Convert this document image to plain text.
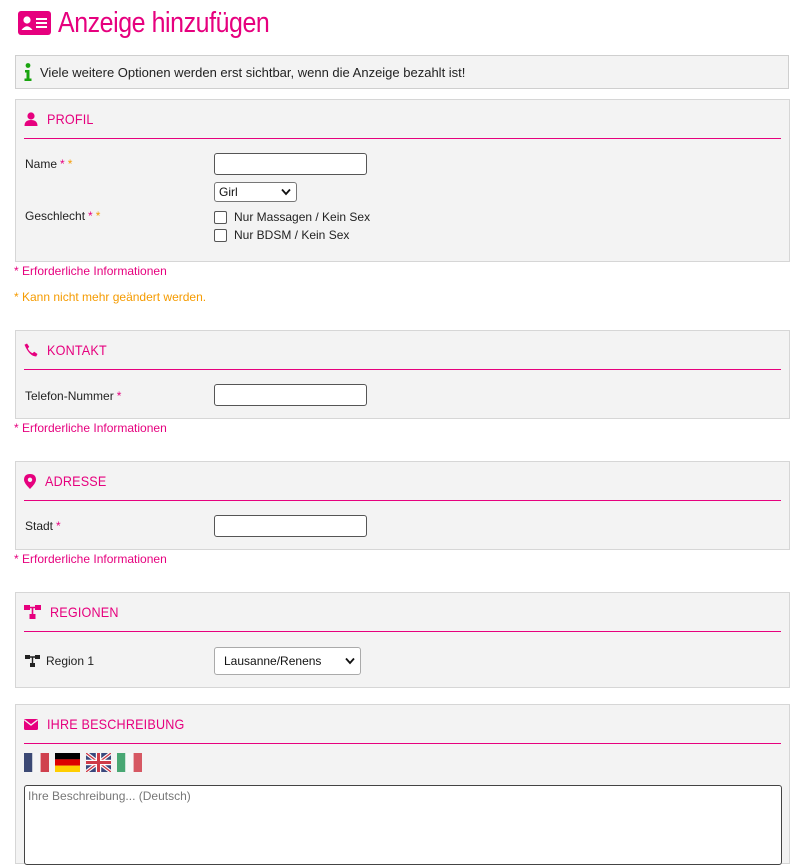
Anzeige hinzufügen
Viele weitere Optionen werden erst sichtbar, wenn die Anzeige bezahlt ist!
PROFIL
Name * *
Girl
Geschlecht * *	Nur Massagen / Kein Sex
Nur BDSM / Kein Sex
* Erforderliche Informationen
* Kann nicht mehr geändert werden.
KONTAKT
Telefon-Nummer *
* Erforderliche Informationen
ADRESSE
Stadt *
* Erforderliche Informationen
REGIONEN
Region 1	Lausanne/Renens
IHRE BESCHREIBUNG
Ihre Beschreibung... (Deutsch)
